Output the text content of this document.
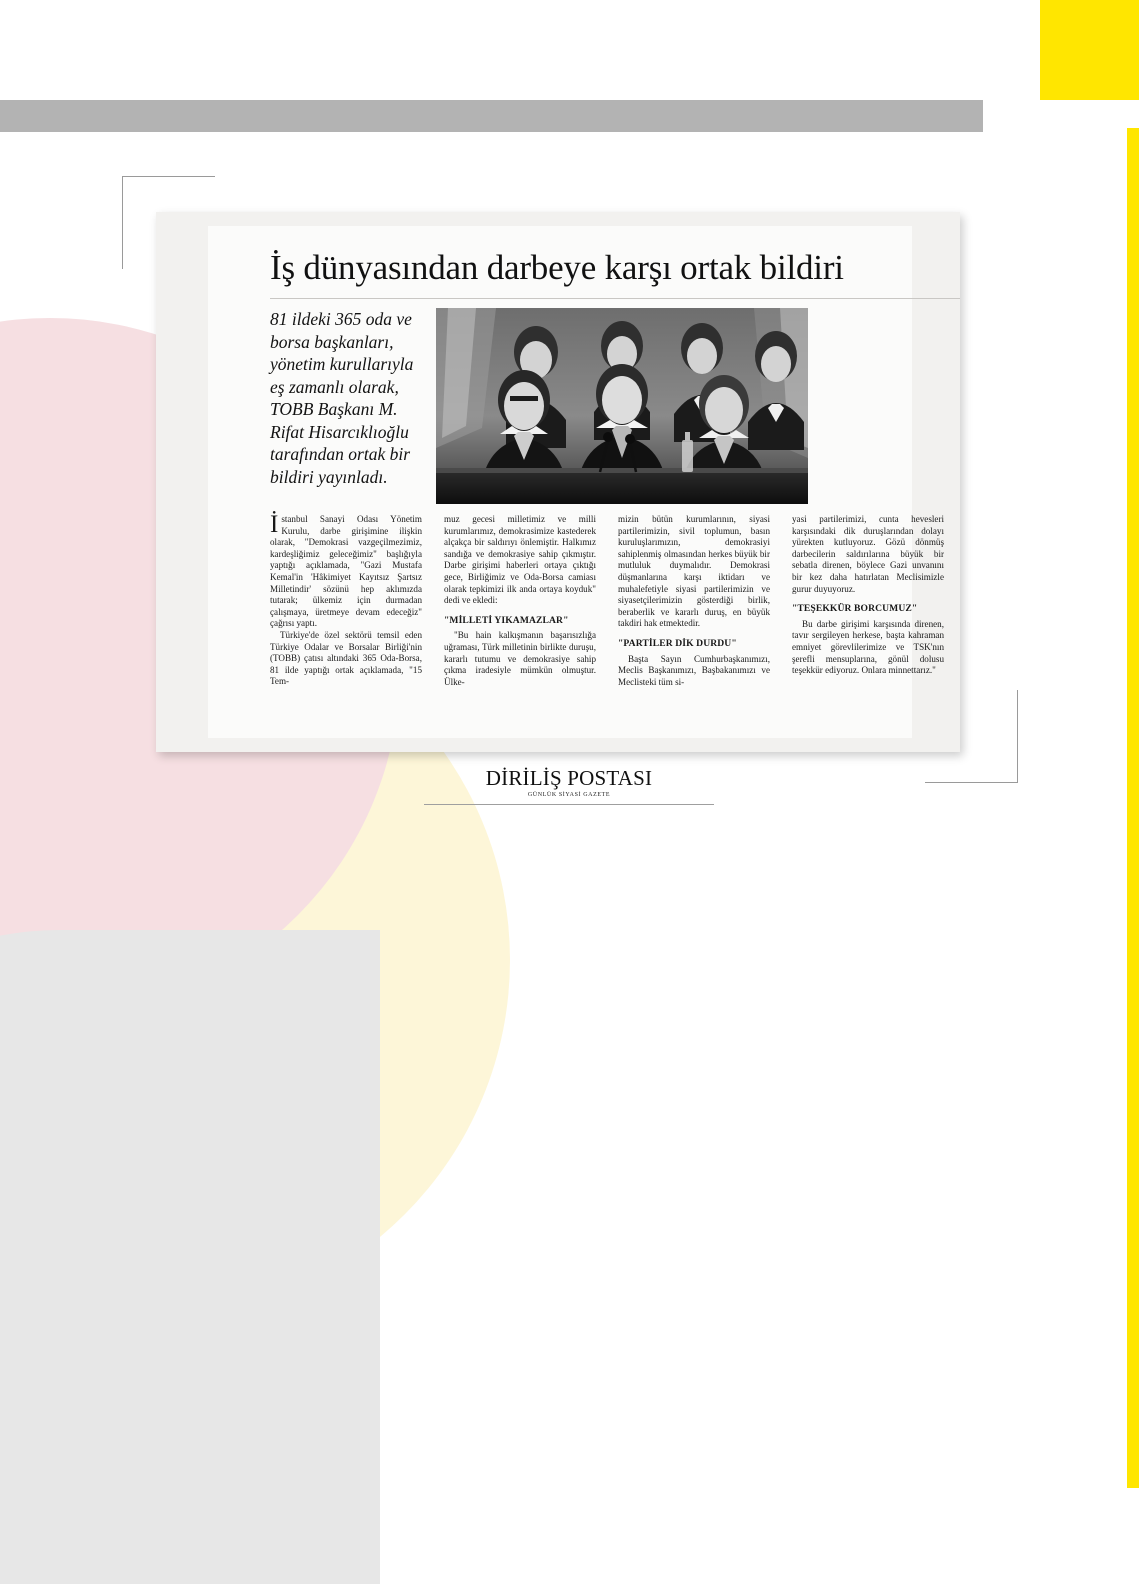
İş dünyasından darbeye karşı ortak bildiri
81 ildeki 365 oda ve borsa başkanları, yönetim kurullarıyla eş zamanlı olarak, TOBB Başkanı M. Rifat Hisarcıklıoğlu tarafından ortak bir bildiri yayınladı.

İstanbul Sanayi Odası Yönetim Kurulu, darbe girişimine ilişkin olarak, "Demokrasi vazgeçilmezimiz, kardeşliğimiz geleceğimiz" başlığıyla yaptığı açıklamada, "Gazi Mustafa Kemal'in 'Hâkimiyet Kayıtsız Şartsız Milletindir' sözünü hep aklımızda tutarak; ülkemiz için durmadan çalışmaya, üretmeye devam edeceğiz" çağrısı yaptı.

Türkiye'de özel sektörü temsil eden Türkiye Odalar ve Borsalar Birliği'nin (TOBB) çatısı altındaki 365 Oda-Borsa, 81 ilde yaptığı ortak açıklamada, "15 Tem-

muz gecesi milletimiz ve milli kurumlarımız, demokrasimize kastederek alçakça bir saldırıyı önlemiştir. Halkımız sandığa ve demokrasiye sahip çıkmıştır. Darbe girişimi haberleri ortaya çıktığı gece, Birliğimiz ve Oda-Borsa camiası olarak tepkimizi ilk anda ortaya koyduk" dedi ve ekledi:

"MİLLETİ YIKAMAZLAR"

"Bu hain kalkışmanın başarısızlığa uğraması, Türk milletinin birlikte duruşu, kararlı tutumu ve demokrasiye sahip çıkma iradesiyle mümkün olmuştur. Ülke-

mizin bütün kurumlarının, siyasi partilerimizin, sivil toplumun, basın kuruluşlarımızın, demokrasiyi sahiplenmiş olmasından herkes büyük bir mutluluk duymalıdır. Demokrasi düşmanlarına karşı iktidarı ve muhalefetiyle siyasi partilerimizin ve siyasetçilerimizin gösterdiği birlik, beraberlik ve kararlı duruş, en büyük takdiri hak etmektedir.

"PARTİLER DİK DURDU"

Başta Sayın Cumhurbaşkanımızı, Meclis Başkanımızı, Başbakanımızı ve Meclisteki tüm si-

yasi partilerimizi, cunta hevesleri karşısındaki dik duruşlarından dolayı yürekten kutluyoruz. Gözü dönmüş darbecilerin saldırılarına büyük bir sebatla direnen, böylece Gazi unvanını bir kez daha hatırlatan Meclisimizle gurur duyuyoruz.

"TEŞEKKÜR BORCUMUZ"

Bu darbe girişimi karşısında direnen, tavır sergileyen herkese, başta kahraman emniyet görevlilerimize ve TSK'nın şerefli mensuplarına, gönül dolusu teşekkür ediyoruz. Onlara minnettarız."

DİRİLİŞ POSTASI
GÜNLÜK SİYASİ GAZETE
